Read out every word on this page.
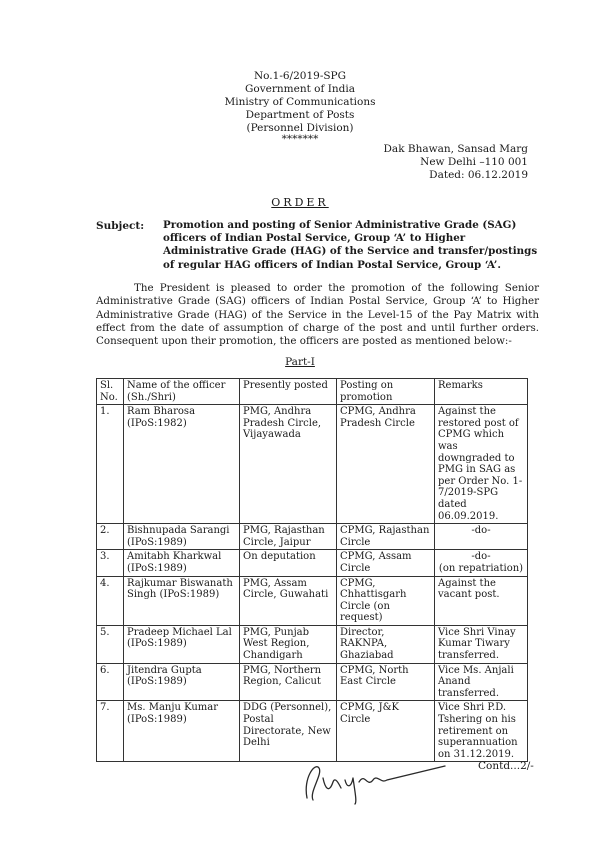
No.1-6/2019-SPG
Government of India
Ministry of Communications
Department of Posts
(Personnel Division)
*******
Dak Bhawan, Sansad Marg
New Delhi –110 001
Dated: 06.12.2019
ORDER
Subject: Promotion and posting of Senior Administrative Grade (SAG) officers of Indian Postal Service, Group ‘A’ to Higher Administrative Grade (HAG) of the Service and transfer/postings of regular HAG officers of Indian Postal Service, Group ‘A’.
The President is pleased to order the promotion of the following Senior Administrative Grade (SAG) officers of Indian Postal Service, Group ‘A’ to Higher Administrative Grade (HAG) of the Service in the Level-15 of the Pay Matrix with effect from the date of assumption of charge of the post and until further orders. Consequent upon their promotion, the officers are posted as mentioned below:-
Part-I
Sl. No.	Name of the officer (Sh./Shri)	Presently posted	Posting on promotion	Remarks
1.	Ram Bharosa (IPoS:1982)	PMG, Andhra Pradesh Circle, Vijayawada	CPMG, Andhra Pradesh Circle	Against the restored post of CPMG which was downgraded to PMG in SAG as per Order No. 1-7/2019-SPG dated 06.09.2019.
2.	Bishnupada Sarangi (IPoS:1989)	PMG, Rajasthan Circle, Jaipur	CPMG, Rajasthan Circle	-do-
3.	Amitabh Kharkwal (IPoS:1989)	On deputation	CPMG, Assam Circle	-do-
(on repatriation)

4.	Rajkumar Biswanath Singh (IPoS:1989)	PMG, Assam Circle, Guwahati	CPMG, Chhattisgarh Circle (on request)	Against the vacant post.
5.	Pradeep Michael Lal (IPoS:1989)	PMG, Punjab West Region, Chandigarh	Director, RAKNPA, Ghaziabad	Vice Shri Vinay Kumar Tiwary transferred.
6.	Jitendra Gupta (IPoS:1989)	PMG, Northern Region, Calicut	CPMG, North East Circle	Vice Ms. Anjali Anand transferred.
7.	Ms. Manju Kumar (IPoS:1989)	DDG (Personnel), Postal Directorate, New Delhi	CPMG, J&K Circle	Vice Shri P.D. Tshering on his retirement on superannuation on 31.12.2019.
Contd...2/-
